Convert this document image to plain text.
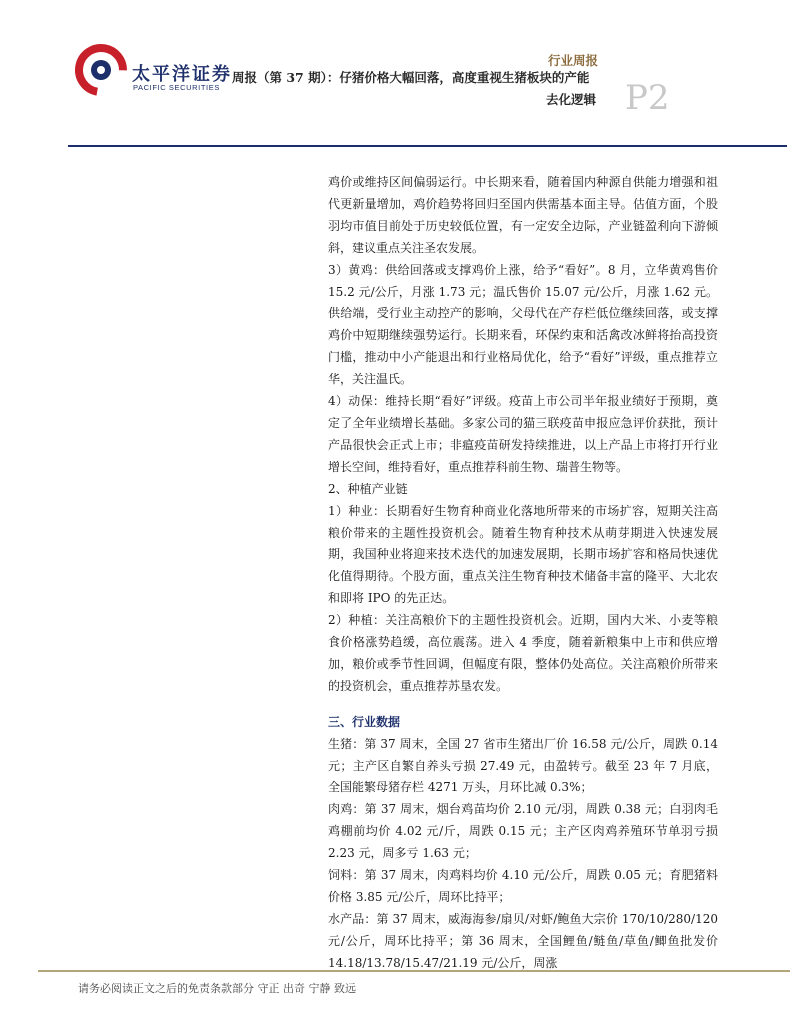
太平洋证券
PACIFIC SECURITIES
行业周报
周报（第 37 期）：仔猪价格大幅回落，高度重视生猪板块的产能
去化逻辑 P2

鸡价或维持区间偏弱运行。中长期来看，随着国内种源自供能力增强和祖代更新量增加，鸡价趋势将回归至国内供需基本面主导。估值方面，个股羽均市值目前处于历史较低位置，有一定安全边际，产业链盈利向下游倾斜，建议重点关注圣农发展。

3）黄鸡：供给回落或支撑鸡价上涨，给予“看好”。8 月，立华黄鸡售价 15.2 元/公斤，月涨 1.73 元；温氏售价 15.07 元/公斤，月涨 1.62 元。供给端，受行业主动控产的影响，父母代在产存栏低位继续回落，或支撑鸡价中短期继续强势运行。长期来看，环保约束和活禽改冰鲜将抬高投资门槛，推动中小产能退出和行业格局优化，给予“看好”评级，重点推荐立华，关注温氏。

4）动保：维持长期“看好”评级。疫苗上市公司半年报业绩好于预期，奠定了全年业绩增长基础。多家公司的猫三联疫苗申报应急评价获批，预计产品很快会正式上市；非瘟疫苗研发持续推进，以上产品上市将打开行业增长空间，维持看好，重点推荐科前生物、瑞普生物等。

2、种植产业链

1）种业：长期看好生物育种商业化落地所带来的市场扩容，短期关注高粮价带来的主题性投资机会。随着生物育种技术从萌芽期进入快速发展期，我国种业将迎来技术迭代的加速发展期，长期市场扩容和格局快速优化值得期待。个股方面，重点关注生物育种技术储备丰富的隆平、大北农和即将 IPO 的先正达。

2）种植：关注高粮价下的主题性投资机会。近期，国内大米、小麦等粮食价格涨势趋缓，高位震荡。进入 4 季度，随着新粮集中上市和供应增加，粮价或季节性回调，但幅度有限，整体仍处高位。关注高粮价所带来的投资机会，重点推荐苏垦农发。

三、行业数据

生猪：第 37 周末，全国 27 省市生猪出厂价 16.58 元/公斤，周跌 0.14 元；主产区自繁自养头亏损 27.49 元，由盈转亏。截至 23 年 7 月底，全国能繁母猪存栏 4271 万头，月环比减 0.3%；

肉鸡：第 37 周末，烟台鸡苗均价 2.10 元/羽，周跌 0.38 元；白羽肉毛鸡棚前均价 4.02 元/斤，周跌 0.15 元；主产区肉鸡养殖环节单羽亏损 2.23 元，周多亏 1.63 元；

饲料：第 37 周末，肉鸡料均价 4.10 元/公斤，周跌 0.05 元；育肥猪料价格 3.85 元/公斤，周环比持平；

水产品：第 37 周末，威海海参/扇贝/对虾/鲍鱼大宗价 170/10/280/120 元/公斤，周环比持平；第 36 周末，全国鲤鱼/鲢鱼/草鱼/鲫鱼批发价 14.18/13.78/15.47/21.19 元/公斤，周涨

请务必阅读正文之后的免责条款部分 守正 出奇 宁静 致远
